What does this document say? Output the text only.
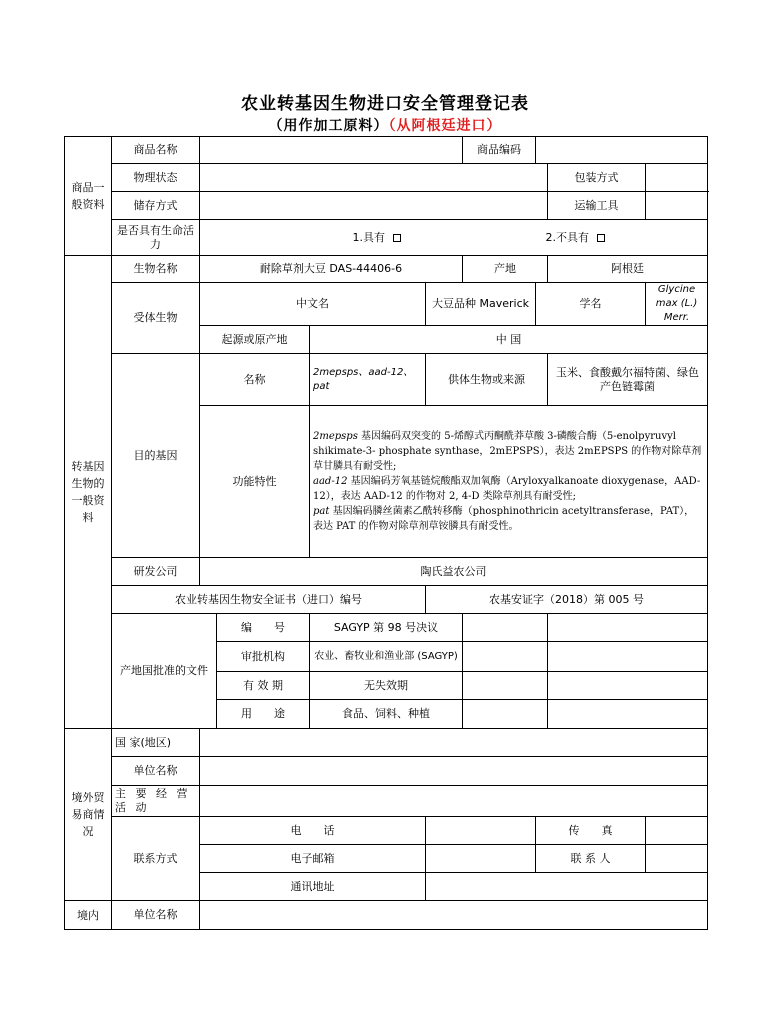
农业转基因生物进口安全管理登记表
（用作加工原料）（从阿根廷进口）
商品一般资料	商品名称					商品编码			
	物理状态							包装方式	
	储存方式							运输工具	
	是否具有生命活力	1.具有 2.不具有							
转基因生物的一般资料	生物名称	耐除草剂大豆 DAS-44406-6				产地		阿根廷	
	受体生物	中文名			大豆品种 Maverick		学名		Glycine max (L.) Merr.
		起源或原产地		中 国					
	目的基因	名称		2mepsps、aad-12、pat	供体生物或来源			玉米、食酸戴尔福特菌、绿色产色链霉菌	
		功能特性		2mepsps 基因编码双突变的 5-烯醇式丙酮酰莽草酸 3-磷酸合酶（5-enolpyruvyl shikimate-3- phosphate synthase，2mEPSPS），表达 2mEPSPS 的作物对除草剂草甘膦具有耐受性;
aad-12 基因编码芳氧基链烷酸酯双加氧酶（Aryloxyalkanoate dioxygenase，AAD-12），表达 AAD-12 的作物对 2, 4-D 类除草剂具有耐受性;
pat 基因编码膦丝菌素乙酰转移酶（phosphinothricin acetyltransferase，PAT），表达 PAT 的作物对除草剂草铵膦具有耐受性。					

	研发公司	陶氏益农公司							
	农业转基因生物安全证书（进口）编号				农基安证字（2018）第 005 号				
	产地国批准的文件		编　　号	SAGYP 第 98 号决议					
			审批机构	农业、畜牧业和渔业部 (SAGYP)					
			有 效 期	无失效期					
			用　　途	食品、饲料、种植					
境外贸易商情况	国 家(地区)								
	单位名称								
	主 要 经 营 活 动								
	联系方式	电　　话					传　　真		
		电子邮箱					联 系 人		
		通讯地址							
境内	单位名称								
